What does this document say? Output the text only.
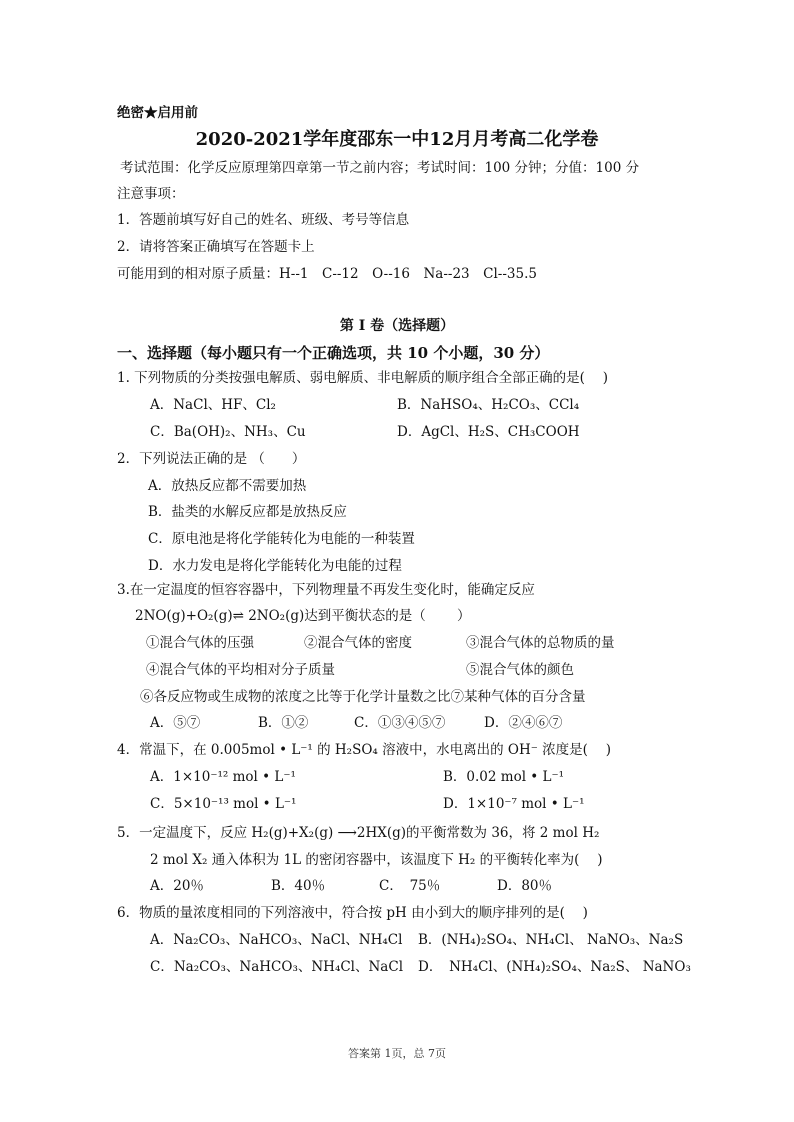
绝密★启用前
2020-2021学年度邵东一中12月月考高二化学卷
考试范围：化学反应原理第四章第一节之前内容；考试时间：100 分钟；分值：100 分
注意事项：
1．答题前填写好自己的姓名、班级、考号等信息
2．请将答案正确填写在答题卡上
可能用到的相对原子质量：H--1　C--12　O--16　Na--23　Cl--35.5
第 I 卷（选择题）
一、选择题（每小题只有一个正确选项，共 10 个小题，30 分）
1. 下列物质的分类按强电解质、弱电解质、非电解质的顺序组合全部正确的是(　 )
A．NaCl、HF、Cl₂	B．NaHSO₄、H₂CO₃、CCl₄
C．Ba(OH)₂、NH₃、Cu	D．AgCl、H₂S、CH₃COOH
2．下列说法正确的是 （　　）
A．放热反应都不需要加热
B．盐类的水解反应都是放热反应
C．原电池是将化学能转化为电能的一种装置
D．水力发电是将化学能转化为电能的过程
3.在一定温度的恒容容器中，下列物理量不再发生变化时，能确定反应
2NO(g)+O₂(g)⇌ 2NO₂(g)达到平衡状态的是（　　 ）
①混合气体的压强	②混合气体的密度	③混合气体的总物质的量
④混合气体的平均相对分子质量	⑤混合气体的颜色
⑥各反应物或生成物的浓度之比等于化学计量数之比⑦某种气体的百分含量
A．⑤⑦	B．①②	C．①③④⑤⑦	D．②④⑥⑦
4．常温下，在 0.005mol • L⁻¹ 的 H₂SO₄ 溶液中，水电离出的 OH⁻ 浓度是(　 )
A．1×10⁻¹² mol • L⁻¹	B．0.02 mol • L⁻¹
C．5×10⁻¹³ mol • L⁻¹	D．1×10⁻⁷ mol • L⁻¹
5．一定温度下，反应 H₂(g)+X₂(g) ⟶2HX(g)的平衡常数为 36，将 2 mol H₂
2 mol X₂ 通入体积为 1L 的密闭容器中，该温度下 H₂ 的平衡转化率为(　 )
A．20％	B．40％	C．　75％	D．80％
6．物质的量浓度相同的下列溶液中，符合按 pH 由小到大的顺序排列的是(　 )
A．Na₂CO₃、NaHCO₃、NaCl、NH₄Cl B．(NH₄)₂SO₄、NH₄Cl、 NaNO₃、Na₂S
C．Na₂CO₃、NaHCO₃、NH₄Cl、NaCl D．　NH₄Cl、(NH₄)₂SO₄、Na₂S、 NaNO₃
答案第 1页，总 7页
